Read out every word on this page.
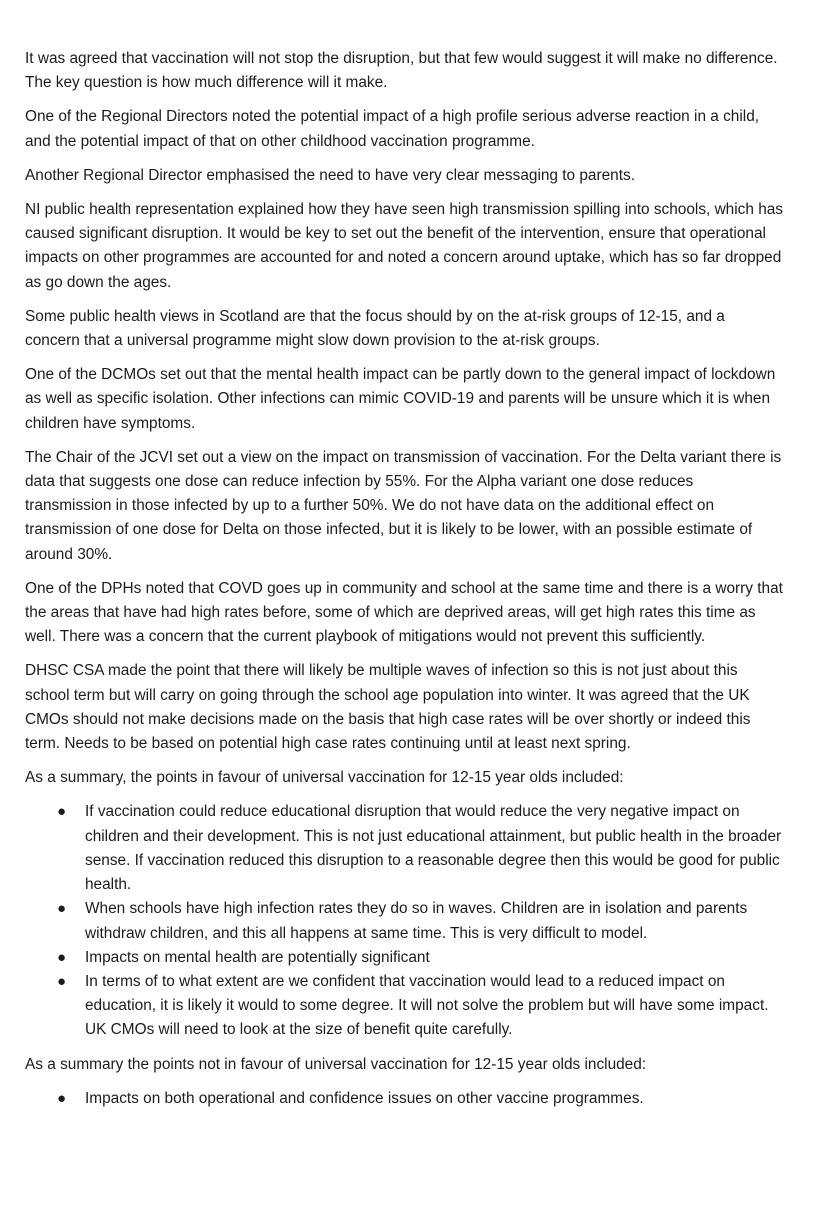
It was agreed that vaccination will not stop the disruption, but that few would suggest it will make no difference. The key question is how much difference will it make.

One of the Regional Directors noted the potential impact of a high profile serious adverse reaction in a child, and the potential impact of that on other childhood vaccination programme.

Another Regional Director emphasised the need to have very clear messaging to parents.

NI public health representation explained how they have seen high transmission spilling into schools, which has caused significant disruption. It would be key to set out the benefit of the intervention, ensure that operational impacts on other programmes are accounted for and noted a concern around uptake, which has so far dropped as go down the ages.

Some public health views in Scotland are that the focus should by on the at-risk groups of 12-15, and a concern that a universal programme might slow down provision to the at-risk groups.

One of the DCMOs set out that the mental health impact can be partly down to the general impact of lockdown as well as specific isolation. Other infections can mimic COVID-19 and parents will be unsure which it is when children have symptoms.

The Chair of the JCVI set out a view on the impact on transmission of vaccination. For the Delta variant there is data that suggests one dose can reduce infection by 55%. For the Alpha variant one dose reduces transmission in those infected by up to a further 50%. We do not have data on the additional effect on transmission of one dose for Delta on those infected, but it is likely to be lower, with an possible estimate of around 30%.

One of the DPHs noted that COVD goes up in community and school at the same time and there is a worry that the areas that have had high rates before, some of which are deprived areas, will get high rates this time as well. There was a concern that the current playbook of mitigations would not prevent this sufficiently.

DHSC CSA made the point that there will likely be multiple waves of infection so this is not just about this school term but will carry on going through the school age population into winter. It was agreed that the UK CMOs should not make decisions made on the basis that high case rates will be over shortly or indeed this term. Needs to be based on potential high case rates continuing until at least next spring.

As a summary, the points in favour of universal vaccination for 12-15 year olds included:

● If vaccination could reduce educational disruption that would reduce the very negative impact on children and their development. This is not just educational attainment, but public health in the broader sense. If vaccination reduced this disruption to a reasonable degree then this would be good for public health.
● When schools have high infection rates they do so in waves. Children are in isolation and parents withdraw children, and this all happens at same time. This is very difficult to model.
● Impacts on mental health are potentially significant
● In terms of to what extent are we confident that vaccination would lead to a reduced impact on education, it is likely it would to some degree. It will not solve the problem but will have some impact. UK CMOs will need to look at the size of benefit quite carefully.

As a summary the points not in favour of universal vaccination for 12-15 year olds included:

● Impacts on both operational and confidence issues on other vaccine programmes.
